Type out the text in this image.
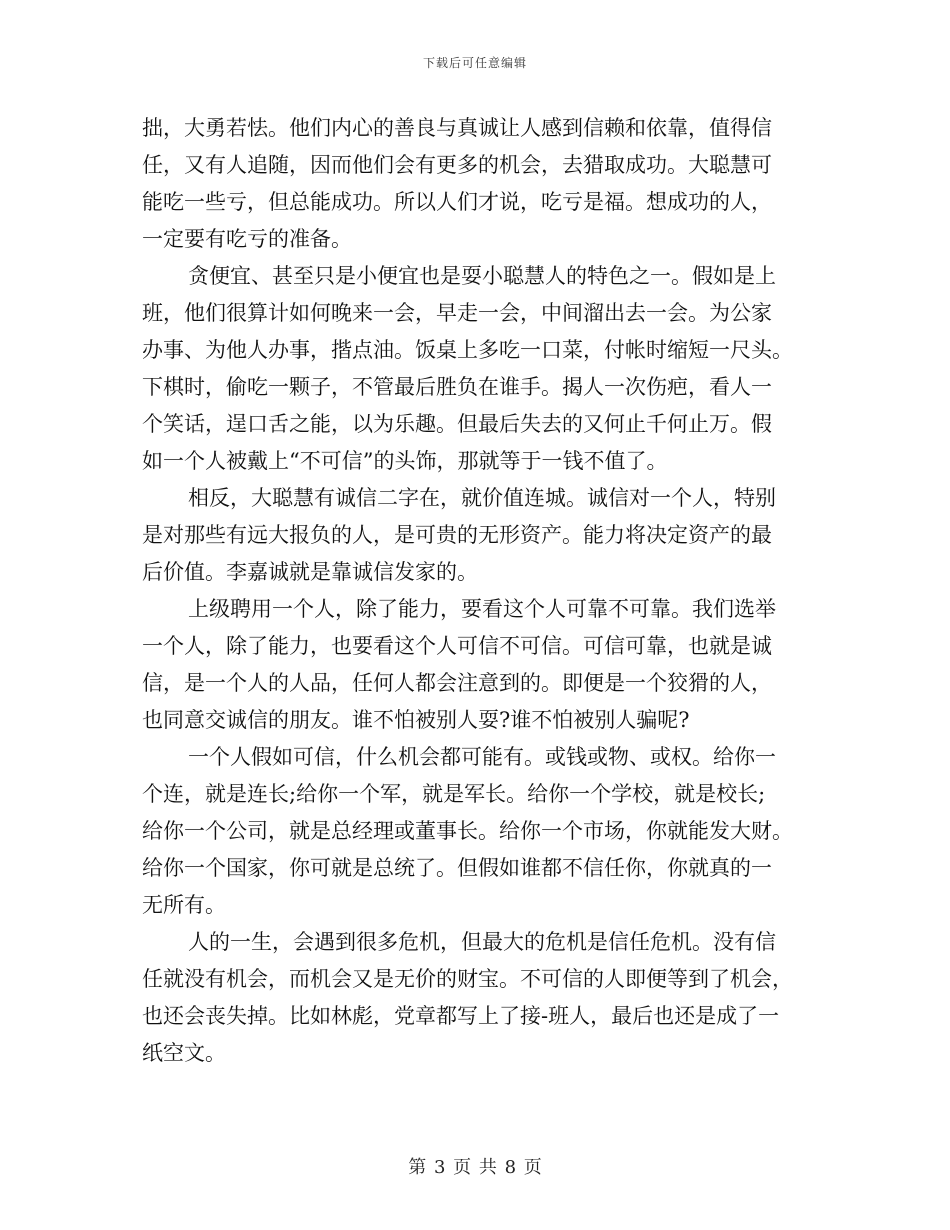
下载后可任意编辑
拙，大勇若怯。他们内心的善良与真诚让人感到信赖和依靠，值得信
任，又有人追随，因而他们会有更多的机会，去猎取成功。大聪慧可
能吃一些亏，但总能成功。所以人们才说，吃亏是福。想成功的人，
一定要有吃亏的准备。
贪便宜、甚至只是小便宜也是耍小聪慧人的特色之一。假如是上
班，他们很算计如何晚来一会，早走一会，中间溜出去一会。为公家
办事、为他人办事，揩点油。饭桌上多吃一口菜，付帐时缩短一尺头。
下棋时，偷吃一颗子，不管最后胜负在谁手。揭人一次伤疤，看人一
个笑话，逞口舌之能，以为乐趣。但最后失去的又何止千何止万。假
如一个人被戴上“不可信”的头饰，那就等于一钱不值了。
相反，大聪慧有诚信二字在，就价值连城。诚信对一个人，特别
是对那些有远大报负的人，是可贵的无形资产。能力将决定资产的最
后价值。李嘉诚就是靠诚信发家的。
上级聘用一个人，除了能力，要看这个人可靠不可靠。我们选举
一个人，除了能力，也要看这个人可信不可信。可信可靠，也就是诚
信，是一个人的人品，任何人都会注意到的。即便是一个狡猾的人，
也同意交诚信的朋友。谁不怕被别人耍?谁不怕被别人骗呢?
一个人假如可信，什么机会都可能有。或钱或物、或权。给你一
个连，就是连长;给你一个军，就是军长。给你一个学校，就是校长;
给你一个公司，就是总经理或董事长。给你一个市场，你就能发大财。
给你一个国家，你可就是总统了。但假如谁都不信任你，你就真的一
无所有。
人的一生，会遇到很多危机，但最大的危机是信任危机。没有信
任就没有机会，而机会又是无价的财宝。不可信的人即便等到了机会，
也还会丧失掉。比如林彪，党章都写上了接-班人，最后也还是成了一
纸空文。
第 3 页 共 8 页
